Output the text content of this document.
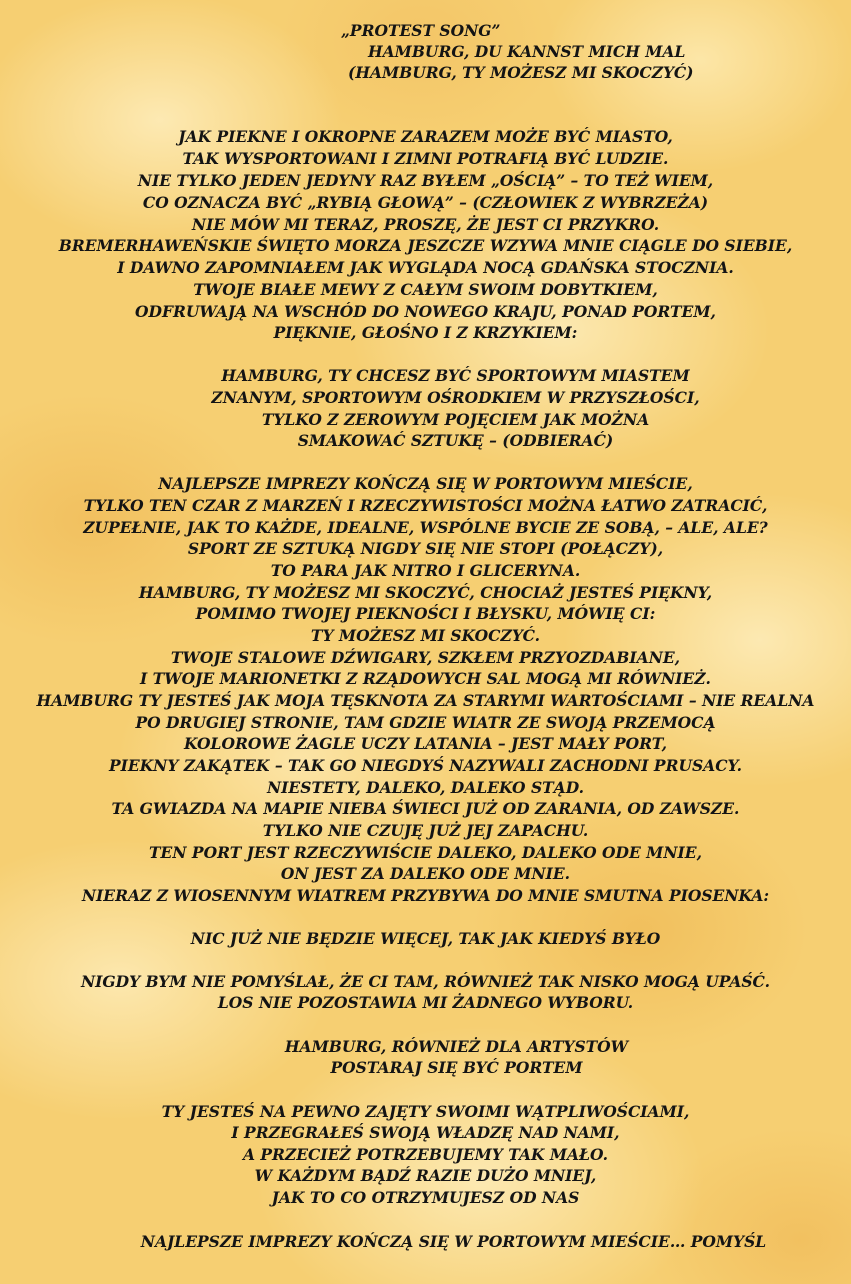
„PROTEST SONG”
HAMBURG, DU KANNST MICH MAL
(HAMBURG, TY MOŻESZ MI SKOCZYĆ)
JAK PIEKNE I OKROPNE ZARAZEM MOŻE BYĆ MIASTO,
TAK WYSPORTOWANI I ZIMNI POTRAFIĄ BYĆ LUDZIE.
NIE TYLKO JEDEN JEDYNY RAZ BYŁEM „OŚCIĄ” – TO TEŻ WIEM,
CO OZNACZA BYĆ „RYBIĄ GŁOWĄ” – (CZŁOWIEK Z WYBRZEŻA)
NIE MÓW MI TERAZ, PROSZĘ, ŻE JEST CI PRZYKRO.
BREMERHAWEŃSKIE ŚWIĘTO MORZA JESZCZE WZYWA MNIE CIĄGLE DO SIEBIE,
I DAWNO ZAPOMNIAŁEM JAK WYGLĄDA NOCĄ GDAŃSKA STOCZNIA.
TWOJE BIAŁE MEWY Z CAŁYM SWOIM DOBYTKIEM,
ODFRUWAJĄ NA WSCHÓD DO NOWEGO KRAJU, PONAD PORTEM,
PIĘKNIE, GŁOŚNO I Z KRZYKIEM:
HAMBURG, TY CHCESZ BYĆ SPORTOWYM MIASTEM
ZNANYM, SPORTOWYM OŚRODKIEM W PRZYSZŁOŚCI,
TYLKO Z ZEROWYM POJĘCIEM JAK MOŻNA
SMAKOWAĆ SZTUKĘ – (ODBIERAĆ)
NAJLEPSZE IMPREZY KOŃCZĄ SIĘ W PORTOWYM MIEŚCIE,
TYLKO TEN CZAR Z MARZEŃ I RZECZYWISTOŚCI MOŻNA ŁATWO ZATRACIĆ,
ZUPEŁNIE, JAK TO KAŻDE, IDEALNE, WSPÓLNE BYCIE ZE SOBĄ, – ALE, ALE?
SPORT ZE SZTUKĄ NIGDY SIĘ NIE STOPI (POŁĄCZY),
TO PARA JAK NITRO I GLICERYNA.
HAMBURG, TY MOŻESZ MI SKOCZYĆ, CHOCIAŻ JESTEŚ PIĘKNY,
POMIMO TWOJEJ PIEKNOŚCI I BŁYSKU, MÓWIĘ CI:
TY MOŻESZ MI SKOCZYĆ.
TWOJE STALOWE DŹWIGARY, SZKŁEM PRZYOZDABIANE,
I TWOJE MARIONETKI Z RZĄDOWYCH SAL MOGĄ MI RÓWNIEŻ.
HAMBURG TY JESTEŚ JAK MOJA TĘSKNOTA ZA STARYMI WARTOŚCIAMI – NIE REALNA
PO DRUGIEJ STRONIE, TAM GDZIE WIATR ZE SWOJĄ PRZEMOCĄ
KOLOROWE ŻAGLE UCZY LATANIA – JEST MAŁY PORT,
PIEKNY ZAKĄTEK – TAK GO NIEGDYŚ NAZYWALI ZACHODNI PRUSACY.
NIESTETY, DALEKO, DALEKO STĄD.
TA GWIAZDA NA MAPIE NIEBA ŚWIECI JUŻ OD ZARANIA, OD ZAWSZE.
TYLKO NIE CZUJĘ JUŻ JEJ ZAPACHU.
TEN PORT JEST RZECZYWIŚCIE DALEKO, DALEKO ODE MNIE,
ON JEST ZA DALEKO ODE MNIE.
NIERAZ Z WIOSENNYM WIATREM PRZYBYWA DO MNIE SMUTNA PIOSENKA:
NIC JUŻ NIE BĘDZIE WIĘCEJ, TAK JAK KIEDYŚ BYŁO
NIGDY BYM NIE POMYŚLAŁ, ŻE CI TAM, RÓWNIEŻ TAK NISKO MOGĄ UPAŚĆ.
LOS NIE POZOSTAWIA MI ŻADNEGO WYBORU.
HAMBURG, RÓWNIEŻ DLA ARTYSTÓW
POSTARAJ SIĘ BYĆ PORTEM
TY JESTEŚ NA PEWNO ZAJĘTY SWOIMI WĄTPLIWOŚCIAMI,
I PRZEGRAŁEŚ SWOJĄ WŁADZĘ NAD NAMI,
A PRZECIEŻ POTRZEBUJEMY TAK MAŁO.
W KAŻDYM BĄDŹ RAZIE DUŻO MNIEJ,
JAK TO CO OTRZYMUJESZ OD NAS
NAJLEPSZE IMPREZY KOŃCZĄ SIĘ W PORTOWYM MIEŚCIE… POMYŚL
